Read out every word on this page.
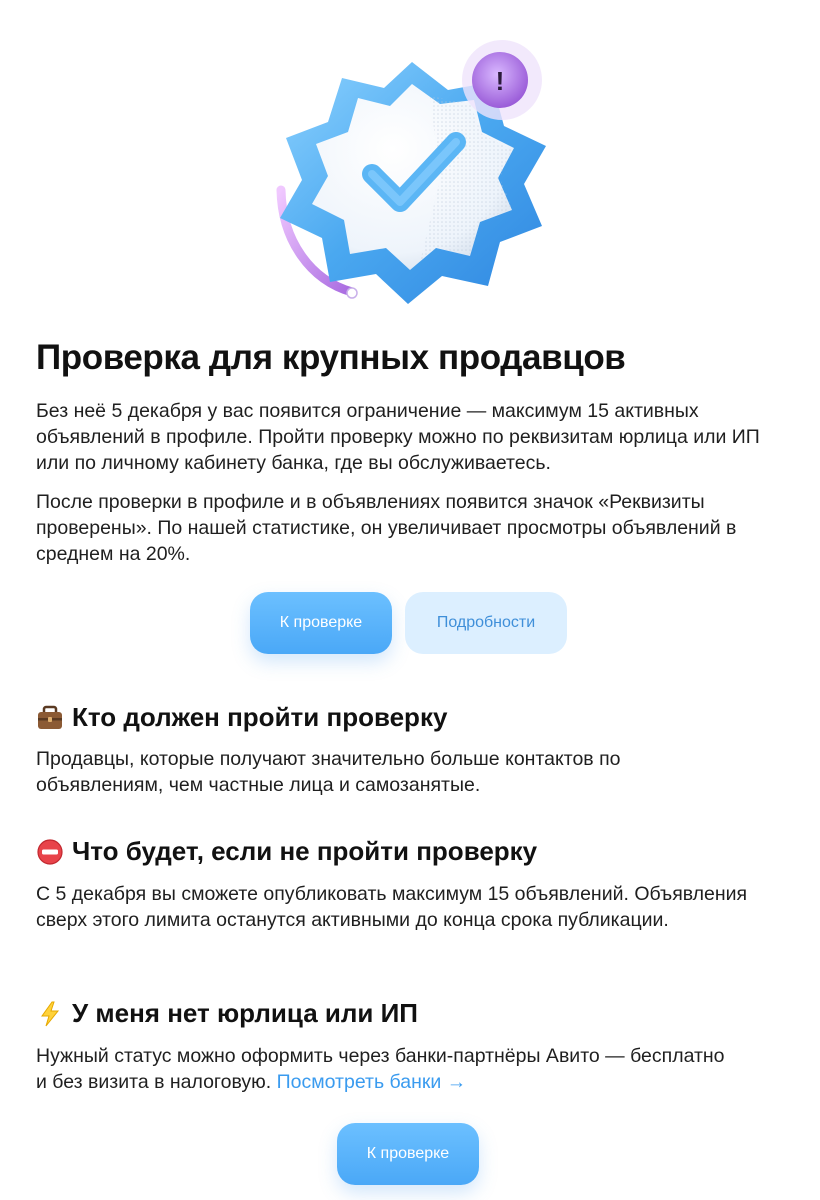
!
Проверка для крупных продавцов

Без неё 5 декабря у вас появится ограничение — максимум 15 активных объявлений в профиле. Пройти проверку можно по реквизитам юрлица или ИП или по личному кабинету банка, где вы обслуживаетесь.

После проверки в профиле и в объявлениях появится значок «Реквизиты проверены». По нашей статистике, он увеличивает просмотры объявлений в среднем на 20%.

К проверке	Подробности
Кто должен пройти проверку

Продавцы, которые получают значительно больше контактов по объявлениям, чем частные лица и самозанятые.

Что будет, если не пройти проверку

С 5 декабря вы сможете опубликовать максимум 15 объявлений. Объявления сверх этого лимита останутся активными до конца срока публикации.

У меня нет юрлица или ИП

Нужный статус можно оформить через банки-партнёры Авито — бесплатно и без визита в налоговую. Посмотреть банки →

К проверке
